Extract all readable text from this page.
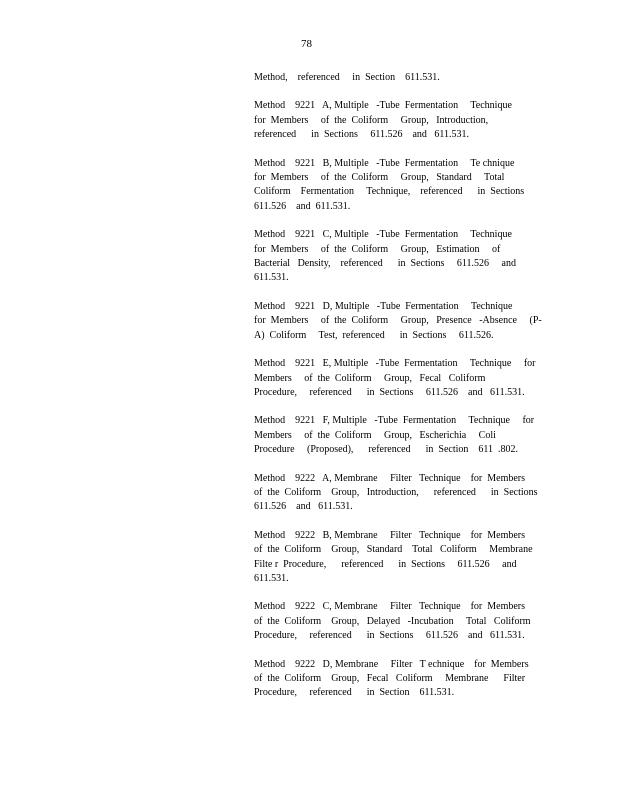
78
Method,    referenced     in  Section    611.531.
Method    9221   A, Multiple   -Tube  Fermentation     Technique
for  Members     of  the  Coliform     Group,   Introduction,
referenced      in  Sections     611.526    and   611.531.
Method    9221   B, Multiple   -Tube  Fermentation     Te chnique
for  Members     of  the  Coliform     Group,   Standard     Total
Coliform    Fermentation     Technique,    referenced      in  Sections
611.526    and  611.531.
Method    9221   C, Multiple   -Tube  Fermentation     Technique
for  Members     of  the  Coliform     Group,   Estimation     of
Bacterial   Density,    referenced      in  Sections     611.526     and
611.531.
Method    9221   D, Multiple   -Tube  Fermentation     Technique
for  Members     of  the  Coliform     Group,   Presence   -Absence     (P-
A)  Coliform     Test,  referenced      in  Sections     611.526.
Method    9221   E, Multiple   -Tube  Fermentation     Technique     for
Members     of  the  Coliform     Group,   Fecal   Coliform
Procedure,     referenced      in  Sections     611.526    and   611.531.
Method    9221   F, Multiple   -Tube  Fermentation     Technique     for
Members     of  the  Coliform     Group,   Escherichia     Coli
Procedure     (Proposed),      referenced      in  Section    611  .802.
Method    9222   A, Membrane     Filter   Technique    for  Members
of  the  Coliform    Group,   Introduction,      referenced      in  Sections
611.526    and   611.531.
Method    9222   B, Membrane     Filter   Technique    for  Members
of  the  Coliform    Group,   Standard    Total   Coliform     Membrane
Filte r  Procedure,      referenced      in  Sections     611.526     and
611.531.
Method    9222   C, Membrane     Filter   Technique    for  Members
of  the  Coliform    Group,   Delayed   -Incubation     Total   Coliform
Procedure,     referenced      in  Sections     611.526    and   611.531.
Method    9222   D, Membrane     Filter   T echnique    for  Members
of  the  Coliform    Group,   Fecal   Coliform     Membrane      Filter
Procedure,     referenced      in  Section    611.531.
